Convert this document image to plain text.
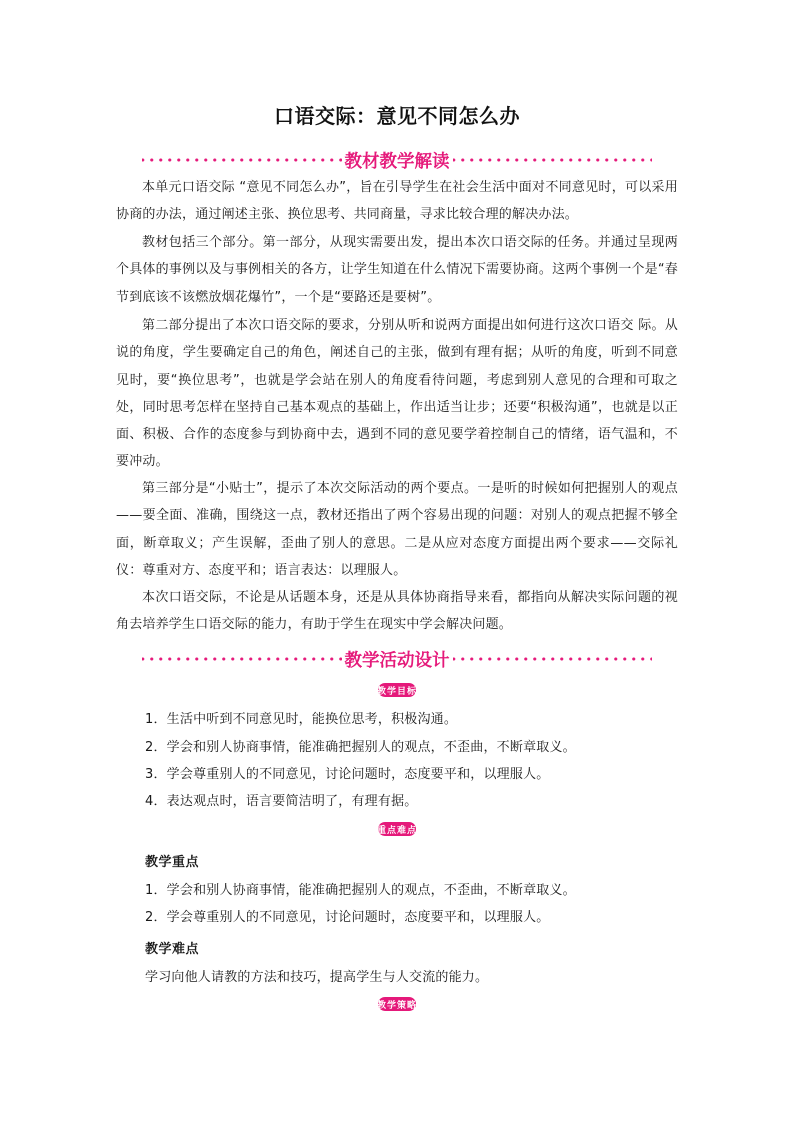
口语交际：意见不同怎么办
教材教学解读

本单元口语交际 “意见不同怎么办”，旨在引导学生在社会生活中面对不同意见时，可以采用协商的办法，通过阐述主张、换位思考、共同商量，寻求比较合理的解决办法。

教材包括三个部分。第一部分，从现实需要出发，提出本次口语交际的任务。并通过呈现两个具体的事例以及与事例相关的各方，让学生知道在什么情况下需要协商。这两个事例一个是“春节到底该不该燃放烟花爆竹”，一个是“要路还是要树”。

第二部分提出了本次口语交际的要求，分别从听和说两方面提出如何进行这次口语交 际。从说的角度，学生要确定自己的角色，阐述自己的主张，做到有理有据；从听的角度，听到不同意见时，要“换位思考”，也就是学会站在别人的角度看待问题，考虑到别人意见的合理和可取之处，同时思考怎样在坚持自己基本观点的基础上，作出适当让步；还要“积极沟通”，也就是以正面、积极、合作的态度参与到协商中去，遇到不同的意见要学着控制自己的情绪，语气温和，不要冲动。

第三部分是“小贴士”，提示了本次交际活动的两个要点。一是听的时候如何把握别人的观点——要全面、准确，围绕这一点，教材还指出了两个容易出现的问题：对别人的观点把握不够全面，断章取义；产生误解，歪曲了别人的意思。二是从应对态度方面提出两个要求——交际礼仪：尊重对方、态度平和；语言表达：以理服人。

本次口语交际，不论是从话题本身，还是从具体协商指导来看，都指向从解决实际问题的视角去培养学生口语交际的能力，有助于学生在现实中学会解决问题。

教学活动设计
教学目标
1．生活中听到不同意见时，能换位思考，积极沟通。
2．学会和别人协商事情，能准确把握别人的观点，不歪曲，不断章取义。
3．学会尊重别人的不同意见，讨论问题时，态度要平和，以理服人。
4．表达观点时，语言要简洁明了，有理有据。
重点难点
教学重点
1．学会和别人协商事情，能准确把握别人的观点，不歪曲，不断章取义。
2．学会尊重别人的不同意见，讨论问题时，态度要平和，以理服人。
教学难点
学习向他人请教的方法和技巧，提高学生与人交流的能力。
教学策略
